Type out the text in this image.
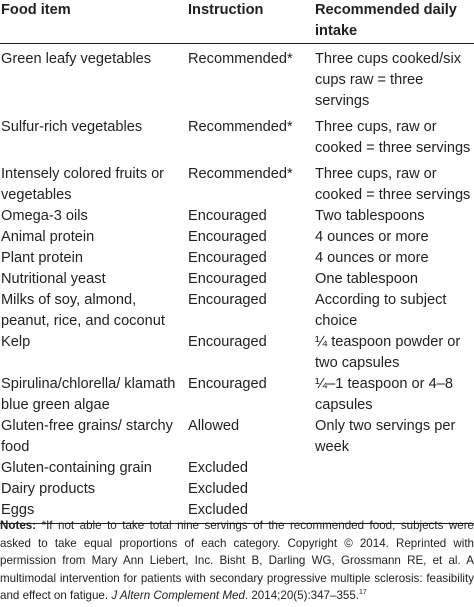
Food item	Instruction	Recommended daily intake
Green leafy vegetables	Recommended*	Three cups cooked/six cups raw = three servings
Sulfur-rich vegetables	Recommended*	Three cups, raw or cooked = three servings
Intensely colored fruits or vegetables	Recommended*	Three cups, raw or cooked = three servings
Omega-3 oils	Encouraged	Two tablespoons
Animal protein	Encouraged	4 ounces or more
Plant protein	Encouraged	4 ounces or more
Nutritional yeast	Encouraged	One tablespoon
Milks of soy, almond, peanut, rice, and coconut	Encouraged	According to subject choice
Kelp	Encouraged	¼ teaspoon powder or two capsules
Spirulina/chlorella/ klamath blue green algae	Encouraged	¼–1 teaspoon or 4–8 capsules
Gluten-free grains/ starchy food	Allowed	Only two servings per week
Gluten-containing grain	Excluded	
Dairy products	Excluded	
Eggs	Excluded	
Notes: *If not able to take total nine servings of the recommended food, subjects were asked to take equal proportions of each category. Copyright © 2014. Reprinted with permission from Mary Ann Liebert, Inc. Bisht B, Darling WG, Grossmann RE, et al. A multimodal intervention for patients with secondary progressive multiple sclerosis: feasibility and effect on fatigue. J Altern Complement Med. 2014;20(5):347–355.17
